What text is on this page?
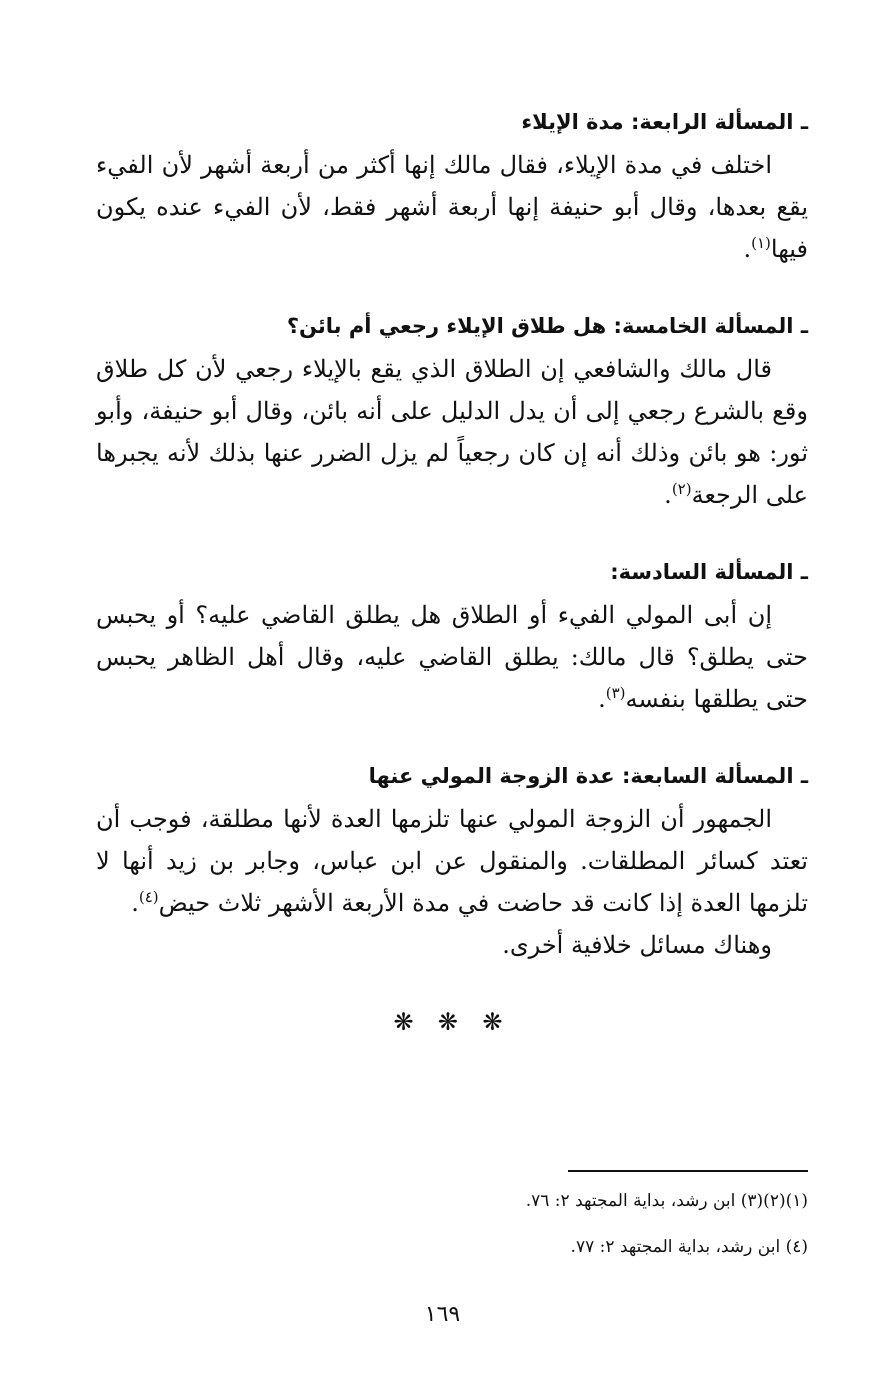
ـ المسألة الرابعة: مدة الإيلاء

اختلف في مدة الإيلاء، فقال مالك إنها أكثر من أربعة أشهر لأن الفيء يقع بعدها، وقال أبو حنيفة إنها أربعة أشهر فقط، لأن الفيء عنده يكون فيها$^{(١)}$.

ـ المسألة الخامسة: هل طلاق الإيلاء رجعي أم بائن؟

قال مالك والشافعي إن الطلاق الذي يقع بالإيلاء رجعي لأن كل طلاق وقع بالشرع رجعي إلى أن يدل الدليل على أنه بائن، وقال أبو حنيفة، وأبو ثور: هو بائن وذلك أنه إن كان رجعياً لم يزل الضرر عنها بذلك لأنه يجبرها على الرجعة$^{(٢)}$.

ـ المسألة السادسة:

إن أبى المولي الفيء أو الطلاق هل يطلق القاضي عليه؟ أو يحبس حتى يطلق؟ قال مالك: يطلق القاضي عليه، وقال أهل الظاهر يحبس حتى يطلقها بنفسه$^{(٣)}$.

ـ المسألة السابعة: عدة الزوجة المولي عنها

الجمهور أن الزوجة المولي عنها تلزمها العدة لأنها مطلقة، فوجب أن تعتد كسائر المطلقات. والمنقول عن ابن عباس، وجابر بن زيد أنها لا تلزمها العدة إذا كانت قد حاضت في مدة الأربعة الأشهر ثلاث حيض$^{(٤)}$.

وهناك مسائل خلافية أخرى.

❋ ❋ ❋

(١)(٢)(٣) ابن رشد، بداية المجتهد ٢: ٧٦.

(٤) ابن رشد، بداية المجتهد ٢: ٧٧.

١٦٩
